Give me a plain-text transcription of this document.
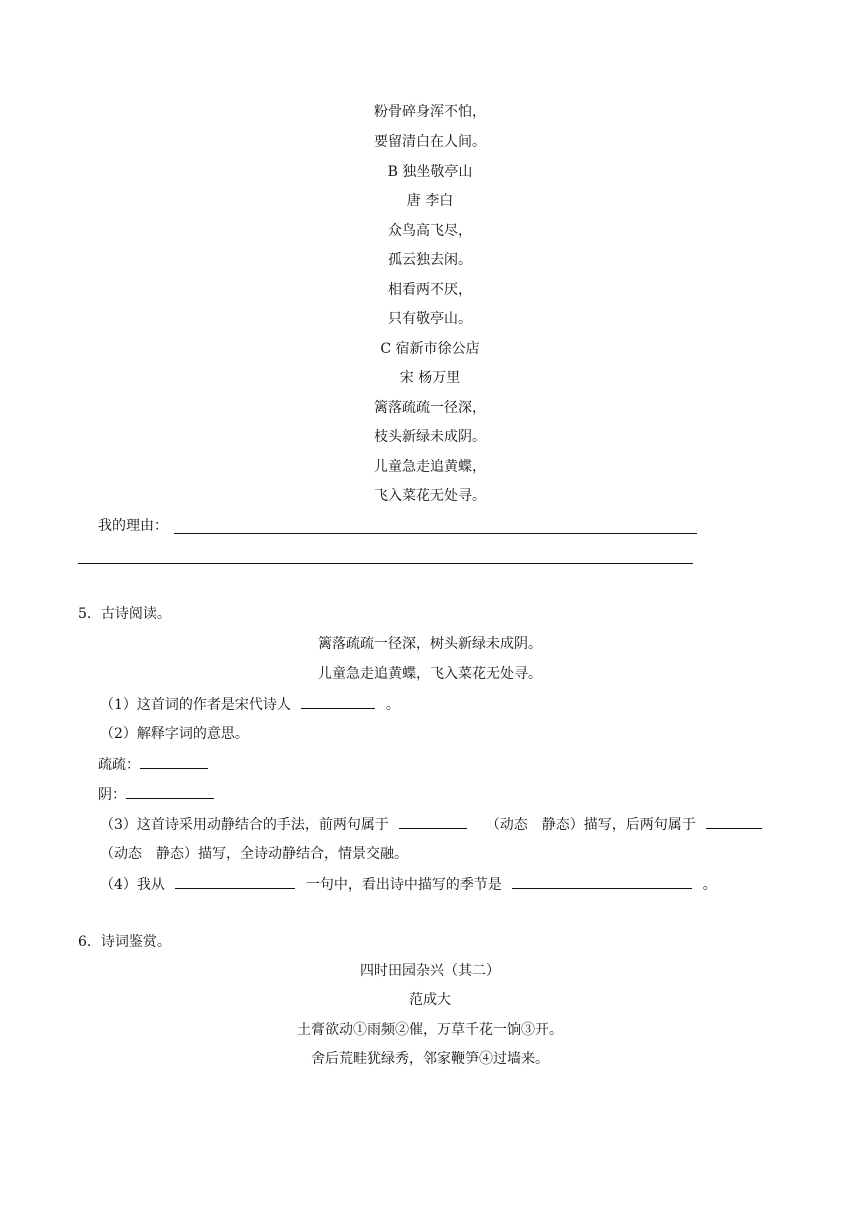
粉骨碎身浑不怕，
要留清白在人间。
B 独坐敬亭山
唐 李白
众鸟高飞尽，
孤云独去闲。
相看两不厌，
只有敬亭山。
C 宿新市徐公店
宋 杨万里
篱落疏疏一径深，
枝头新绿未成阴。
儿童急走追黄蝶，
飞入菜花无处寻。
我的理由：
5．古诗阅读。
篱落疏疏一径深，树头新绿未成阴。
儿童急走追黄蝶，飞入菜花无处寻。
（1）这首词的作者是宋代诗人	。
（2）解释字词的意思。
疏疏：
阴：
（3）这首诗采用动静结合的手法，前两句属于	（动态　静态）描写，后两句属于
（动态　静态）描写，全诗动静结合，情景交融。
（4）我从	一句中，看出诗中描写的季节是	。
6．诗词鉴赏。
四时田园杂兴（其二）
范成大
土膏欲动①雨频②催，万草千花一饷③开。
舍后荒畦犹绿秀，邻家鞭笋④过墙来。
